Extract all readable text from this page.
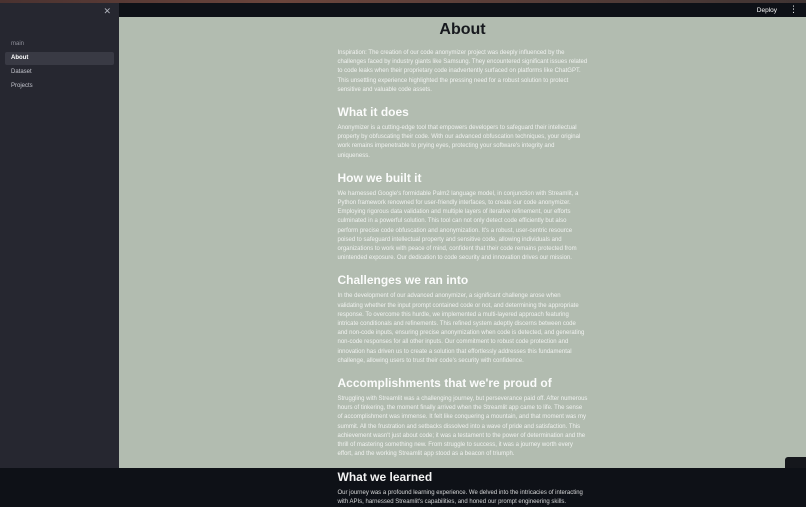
✕
main
About
Dataset
Projects
Deploy	⋮
About

Inspiration: The creation of our code anonymizer project was deeply influenced by the challenges faced by industry giants like Samsung. They encountered significant issues related to code leaks when their proprietary code inadvertently surfaced on platforms like ChatGPT. This unsettling experience highlighted the pressing need for a robust solution to protect sensitive and valuable code assets.

What it does

Anonymizer is a cutting-edge tool that empowers developers to safeguard their intellectual property by obfuscating their code. With our advanced obfuscation techniques, your original work remains impenetrable to prying eyes, protecting your software's integrity and uniqueness.

How we built it

We harnessed Google's formidable Palm2 language model, in conjunction with Streamlit, a Python framework renowned for user-friendly interfaces, to create our code anonymizer. Employing rigorous data validation and multiple layers of iterative refinement, our efforts culminated in a powerful solution. This tool can not only detect code efficiently but also perform precise code obfuscation and anonymization. It's a robust, user-centric resource poised to safeguard intellectual property and sensitive code, allowing individuals and organizations to work with peace of mind, confident that their code remains protected from unintended exposure. Our dedication to code security and innovation drives our mission.

Challenges we ran into

In the development of our advanced anonymizer, a significant challenge arose when validating whether the input prompt contained code or not, and determining the appropriate response. To overcome this hurdle, we implemented a multi-layered approach featuring intricate conditionals and refinements. This refined system adeptly discerns between code and non-code inputs, ensuring precise anonymization when code is detected, and generating non-code responses for all other inputs. Our commitment to robust code protection and innovation has driven us to create a solution that effortlessly addresses this fundamental challenge, allowing users to trust their code's security with confidence.

Accomplishments that we're proud of

Struggling with Streamlit was a challenging journey, but perseverance paid off. After numerous hours of tinkering, the moment finally arrived when the Streamlit app came to life. The sense of accomplishment was immense. It felt like conquering a mountain, and that moment was my summit. All the frustration and setbacks dissolved into a wave of pride and satisfaction. This achievement wasn't just about code; it was a testament to the power of determination and the thrill of mastering something new. From struggle to success, it was a journey worth every effort, and the working Streamlit app stood as a beacon of triumph.

What we learned

Our journey was a profound learning experience. We delved into the intricacies of interacting with APIs, harnessed Streamlit's capabilities, and honed our prompt engineering skills.
